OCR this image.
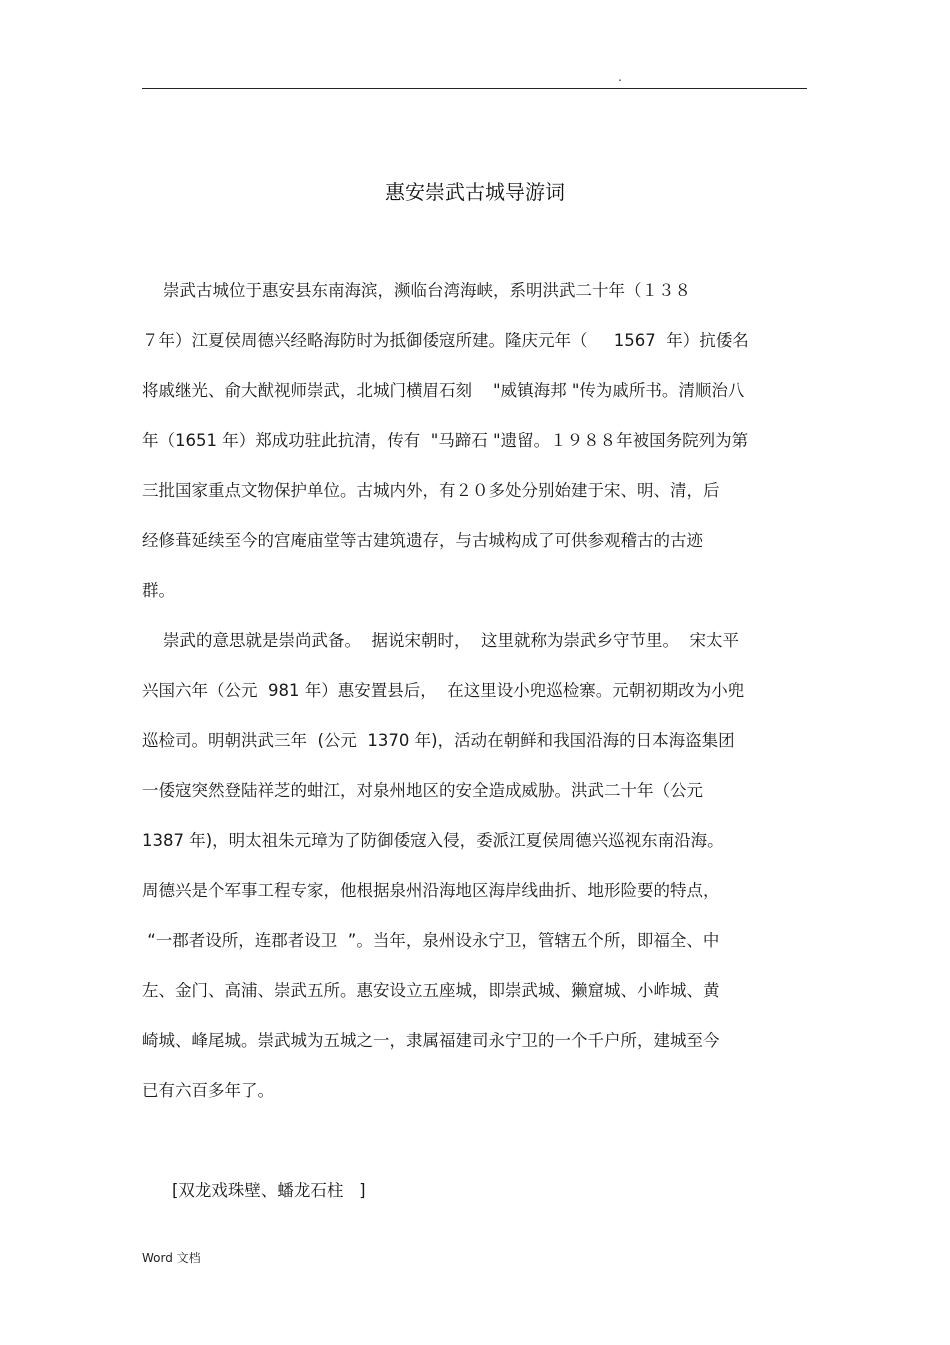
.
惠安崇武古城导游词
崇武古城位于惠安县东南海滨，濒临台湾海峡，系明洪武二十年（１３８
７年）江夏侯周德兴经略海防时为抵御倭寇所建。隆庆元年（     1567  年）抗倭名
将戚继光、俞大猷视师崇武，北城门横眉石刻    "威镇海邦 "传为戚所书。清顺治八
年（1651 年）郑成功驻此抗清，传有  "马蹄石 "遗留。１９８８年被国务院列为第
三批国家重点文物保护单位。古城内外，有２０多处分别始建于宋、明、清，后
经修葺延续至今的宫庵庙堂等古建筑遗存，与古城构成了可供参观稽古的古迹
群。
崇武的意思就是崇尚武备。  据说宋朝时，  这里就称为崇武乡守节里。  宋太平
兴国六年（公元  981 年）惠安置县后，  在这里设小兜巡检寨。元朝初期改为小兜
巡检司。明朝洪武三年  (公元  1370 年)，活动在朝鲜和我国沿海的日本海盗集团
一倭寇突然登陆祥芝的蚶江，对泉州地区的安全造成威胁。洪武二十年（公元
1387 年)，明太祖朱元璋为了防御倭寇入侵，委派江夏侯周德兴巡视东南沿海。
周德兴是个军事工程专家，他根据泉州沿海地区海岸线曲折、地形险要的特点，
“一郡者设所，连郡者设卫  ”。当年，泉州设永宁卫，管辖五个所，即福全、中
左、金门、高浦、崇武五所。惠安设立五座城，即崇武城、獭窟城、小岞城、黄
崎城、峰尾城。崇武城为五城之一，隶属福建司永宁卫的一个千户所，建城至今
已有六百多年了。
[双龙戏珠壁、蟠龙石柱   ]
Word 文档
